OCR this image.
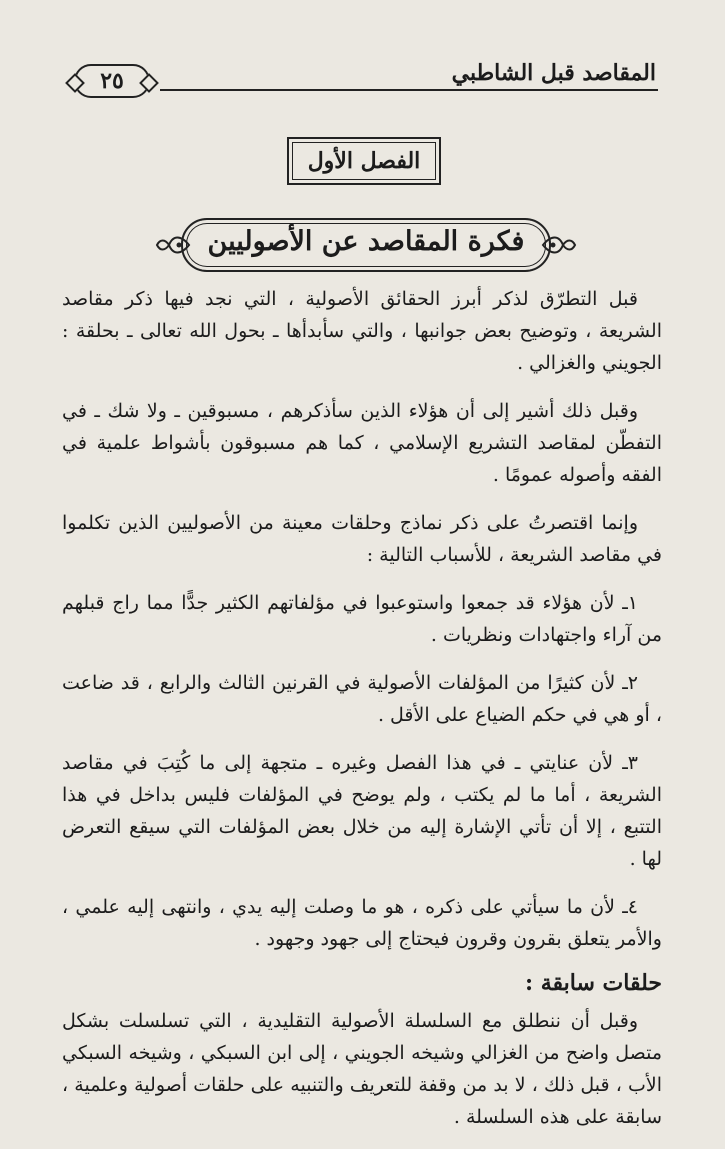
المقاصد قبل الشاطبي
٢٥
الفصل الأول
فكرة المقاصد عن الأصوليين

قبل التطرّق لذكر أبرز الحقائق الأصولية ، التي نجد فيها ذكر مقاصد الشريعة ، وتوضيح بعض جوانبها ، والتي سأبدأها ـ بحول الله تعالى ـ بحلقة : الجويني والغزالي .

وقبل ذلك أشير إلى أن هؤلاء الذين سأذكرهم ، مسبوقين ـ ولا شك ـ في التفطّن لمقاصد التشريع الإسلامي ، كما هم مسبوقون بأشواط علمية في الفقه وأصوله عمومًا .

وإنما اقتصرتُ على ذكر نماذج وحلقات معينة من الأصوليين الذين تكلموا في مقاصد الشريعة ، للأسباب التالية :

١ـ لأن هؤلاء قد جمعوا واستوعبوا في مؤلفاتهم الكثير جدًّا مما راج قبلهم من آراء واجتهادات ونظريات .

٢ـ لأن كثيرًا من المؤلفات الأصولية في القرنين الثالث والرابع ، قد ضاعت ، أو هي في حكم الضياع على الأقل .

٣ـ لأن عنايتي ـ في هذا الفصل وغيره ـ متجهة إلى ما كُتِبَ في مقاصد الشريعة ، أما ما لم يكتب ، ولم يوضح في المؤلفات فليس بداخل في هذا التتبع ، إلا أن تأتي الإشارة إليه من خلال بعض المؤلفات التي سيقع التعرض لها .

٤ـ لأن ما سيأتي على ذكره ، هو ما وصلت إليه يدي ، وانتهى إليه علمي ، والأمر يتعلق بقرون وقرون فيحتاج إلى جهود وجهود .

حلقات سابقة :

وقبل أن ننطلق مع السلسلة الأصولية التقليدية ، التي تسلسلت بشكل متصل واضح من الغزالي وشيخه الجويني ، إلى ابن السبكي ، وشيخه السبكي الأب ، قبل ذلك ، لا بد من وقفة للتعريف والتنبيه على حلقات أصولية وعلمية ، سابقة على هذه السلسلة .
